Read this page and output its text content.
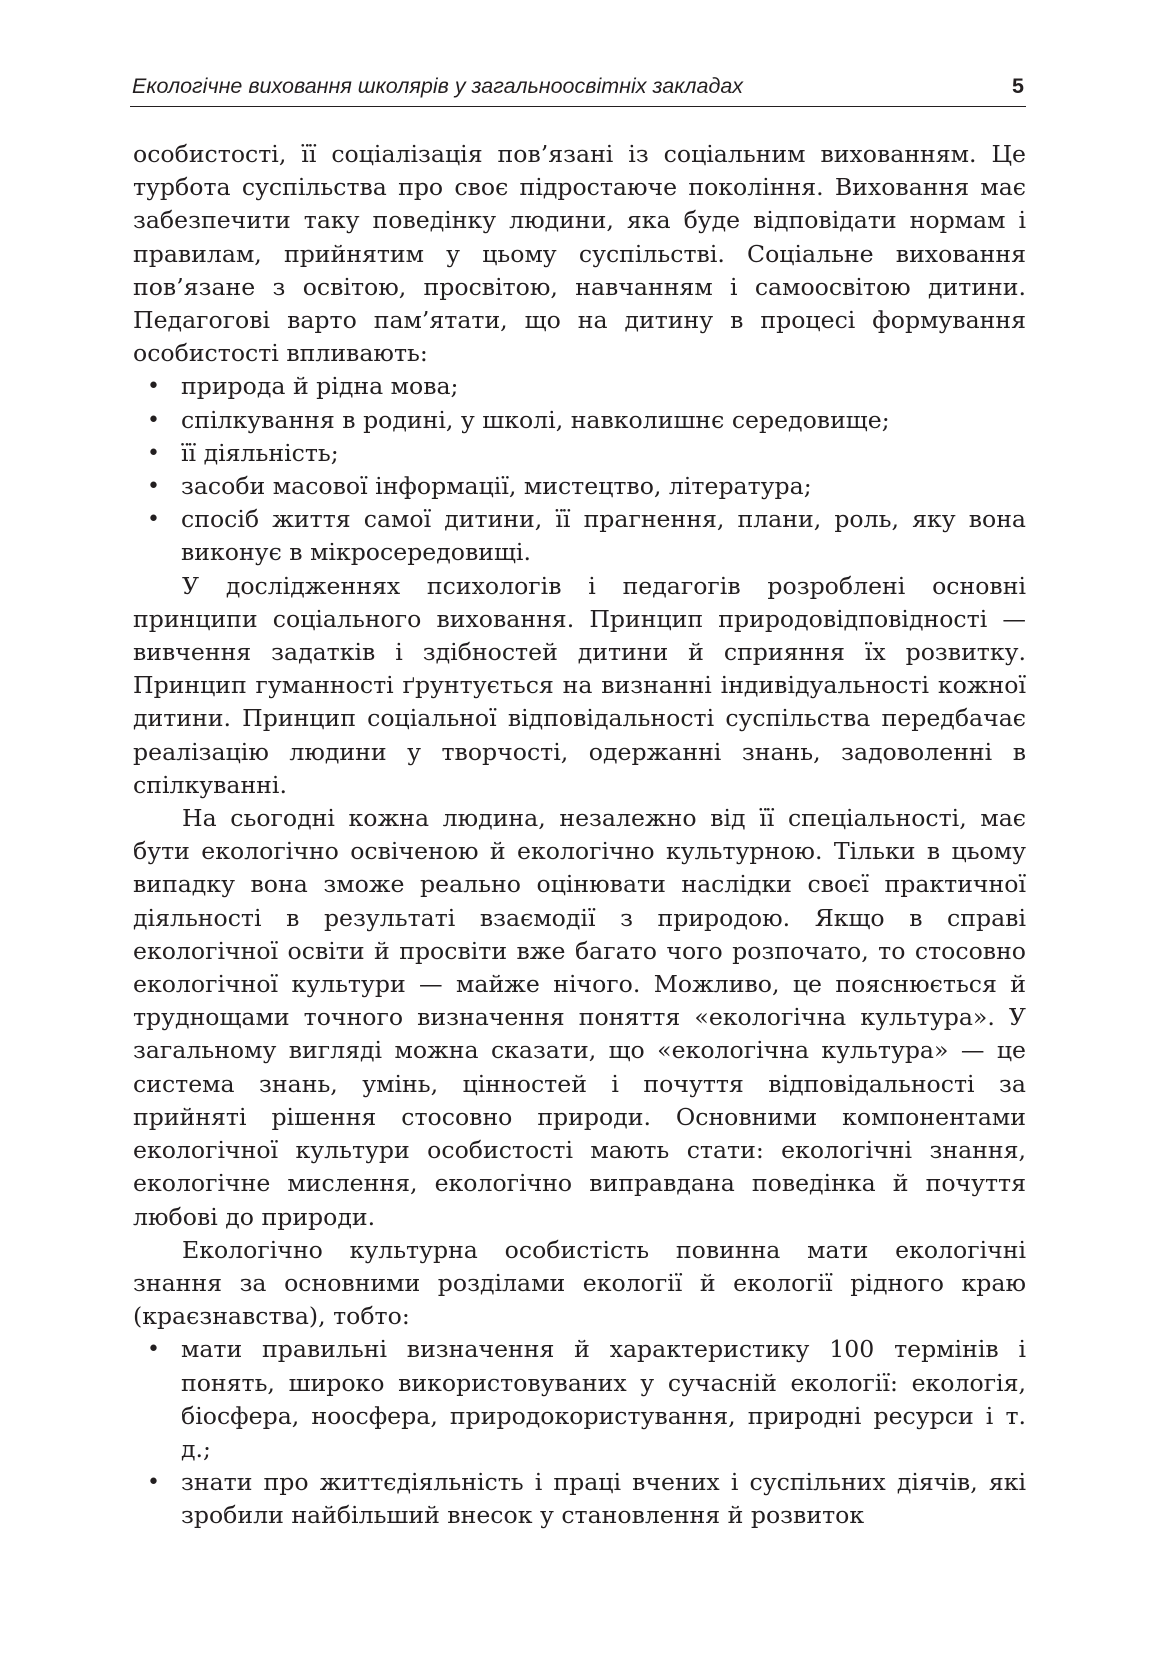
Екологічне виховання школярів у загальноосвітніх закладах	5

особистості, її соціалізація пов’язані із соціальним вихованням. Це турбота суспільства про своє підростаюче покоління. Виховання має забезпечити таку поведінку людини, яка буде відповідати нормам і правилам, прийнятим у цьому суспільстві. Соціальне виховання пов’язане з освітою, просвітою, навчанням і самоосвітою дитини. Педагогові варто пам’ятати, що на дитину в процесі формування особистості впливають:

• природа й рідна мова;
• спілкування в родині, у школі, навколишнє середовище;
• її діяльність;
• засоби масової інформації, мистецтво, література;
• спосіб життя самої дитини, її прагнення, плани, роль, яку вона виконує в мікросередовищі.

У дослідженнях психологів і педагогів розроблені основні принципи соціального виховання. Принцип природовідповідності — вивчення задатків і здібностей дитини й сприяння їх розвитку. Принцип гуманності ґрунтується на визнанні індивідуальності кожної дитини. Принцип соціальної відповідальності суспільства передбачає реалізацію людини у творчості, одержанні знань, задоволенні в спілкуванні.

На сьогодні кожна людина, незалежно від її спеціальності, має бути екологічно освіченою й екологічно культурною. Тільки в цьому випадку вона зможе реально оцінювати наслідки своєї практичної діяльності в результаті взаємодії з природою. Якщо в справі екологічної освіти й просвіти вже багато чого розпочато, то стосовно екологічної культури — майже нічого. Можливо, це пояснюється й труднощами точного визначення поняття «екологічна культура». У загальному вигляді можна сказати, що «екологічна культура» — це система знань, умінь, цінностей і почуття відповідальності за прийняті рішення стосовно природи. Основними компонентами екологічної культури особистості мають стати: екологічні знання, екологічне мислення, екологічно виправдана поведінка й почуття любові до природи.

Екологічно культурна особистість повинна мати екологічні знання за основними розділами екології й екології рідного краю (краєзнавства), тобто:

• мати правильні визначення й характеристику 100 термінів і понять, широко використовуваних у сучасній екології: екологія, біосфера, ноосфера, природокористування, природні ресурси і т. д.;
• знати про життєдіяльність і праці вчених і суспільних діячів, які зробили найбільший внесок у становлення й розвиток
